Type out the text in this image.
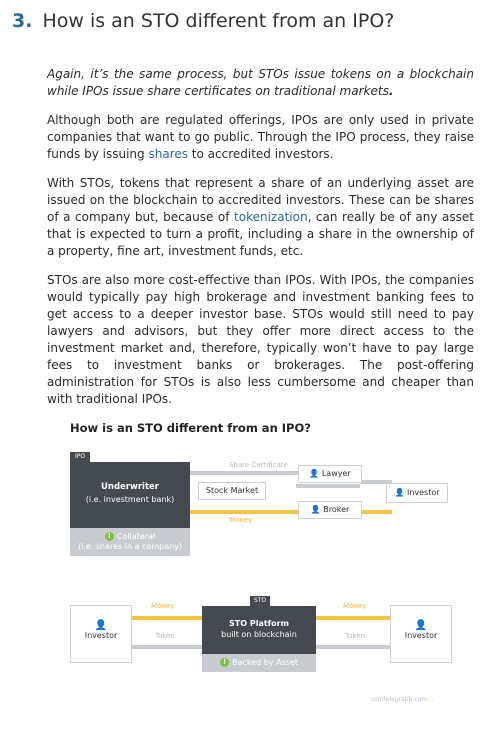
3. How is an STO different from an IPO?

Again, it’s the same process, but STOs issue tokens on a blockchain while IPOs issue share certificates on traditional markets.

Although both are regulated offerings, IPOs are only used in private companies that want to go public. Through the IPO process, they raise funds by issuing shares to accredited investors.

With STOs, tokens that represent a share of an underlying asset are issued on the blockchain to accredited investors. These can be shares of a company but, because of tokenization, can really be of any asset that is expected to turn a profit, including a share in the ownership of a property, fine art, investment funds, etc.

STOs are also more cost-effective than IPOs. With IPOs, the companies would typically pay high brokerage and investment banking fees to get access to a deeper investor base. STOs would still need to pay lawyers and advisors, but they offer more direct access to the investment market and, therefore, typically won’t have to pay large fees to investment banks or brokerages. The post-offering administration for STOs is also less cumbersome and cheaper than with traditional IPOs.

How is an STO different from an IPO?
IPO
Underwriter
(i.e. investment bank)
! Collateral
(i.e. shares in a company)
Share Certificate
Stock Market
👤 Lawyer
👤 Broker
👤 Investor
Money
👤
Investor
Money
Token
STO
STO Platform
built on blockchain
! Backed by Asset
Money
Token
👤
Investor
cointelegraph.com ◌
